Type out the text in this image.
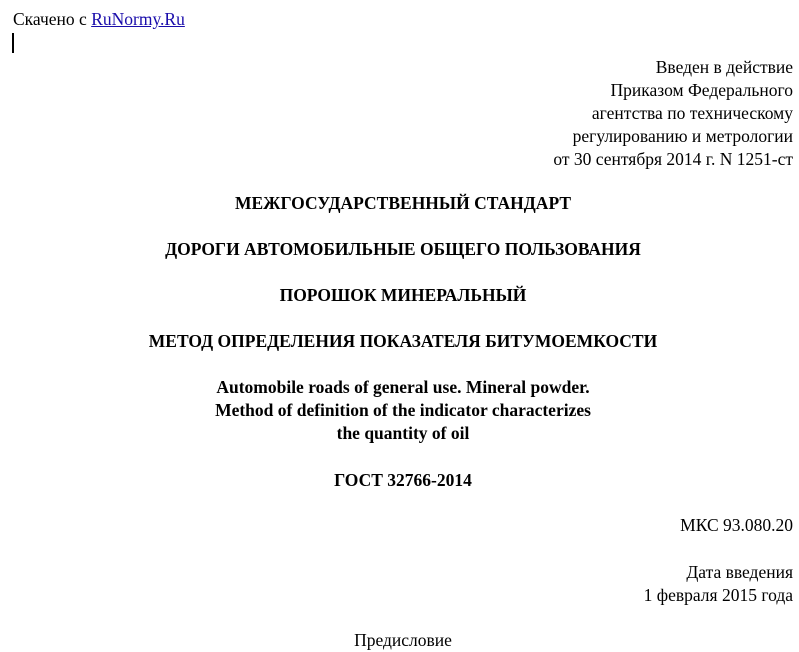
Скачено с RuNormy.Ru
Введен в действие
Приказом Федерального
агентства по техническому
регулированию и метрологии
от 30 сентября 2014 г. N 1251-ст
МЕЖГОСУДАРСТВЕННЫЙ СТАНДАРТ
ДОРОГИ АВТОМОБИЛЬНЫЕ ОБЩЕГО ПОЛЬЗОВАНИЯ
ПОРОШОК МИНЕРАЛЬНЫЙ
МЕТОД ОПРЕДЕЛЕНИЯ ПОКАЗАТЕЛЯ БИТУМОЕМКОСТИ
Automobile roads of general use. Mineral powder.
Method of definition of the indicator characterizes
the quantity of oil
ГОСТ 32766-2014
МКС 93.080.20
Дата введения
1 февраля 2015 года
Предисловие
